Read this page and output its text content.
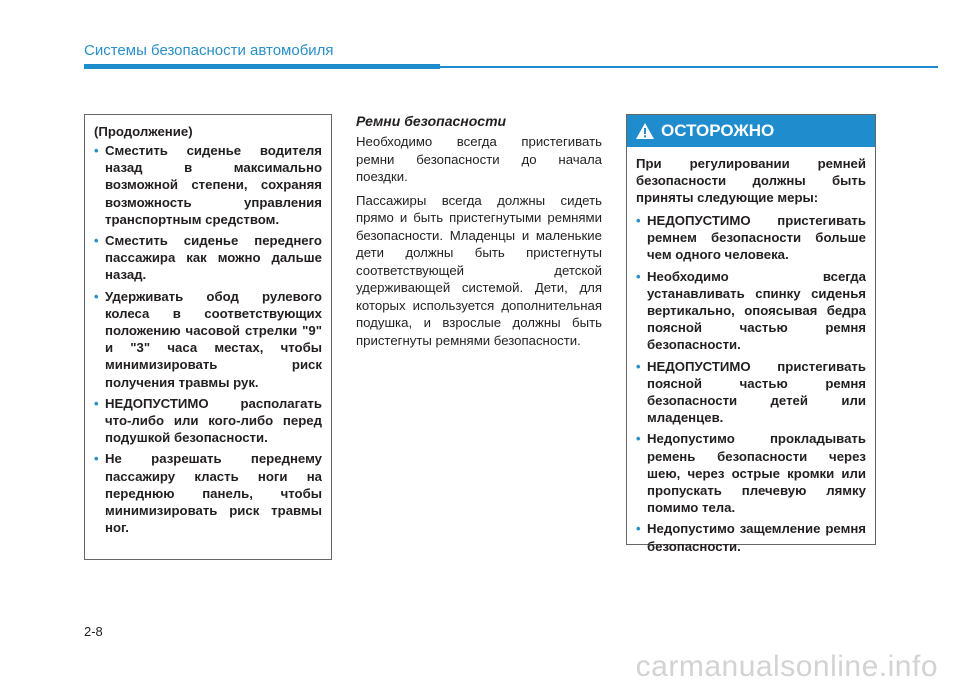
Системы безопасности автомобиля
(Продолжение)
• Сместить сиденье водителя назад в максимально возможной степени, сохраняя возможность управления транспортным средством.
• Сместить сиденье переднего пассажира как можно дальше назад.
• Удерживать обод рулевого колеса в соответствующих положению часовой стрелки "9" и "3" часа местах, чтобы минимизировать риск получения травмы рук.
• НЕДОПУСТИМО располагать что-либо или кого-либо перед подушкой безопасности.
• Не разрешать переднему пассажиру класть ноги на переднюю панель, чтобы минимизировать риск травмы ног.
Ремни безопасности

Необходимо всегда пристегивать ремни безопасности до начала поездки.

Пассажиры всегда должны сидеть прямо и быть пристегнутыми ремнями безопасности. Младенцы и маленькие дети должны быть пристегнуты соответствующей детской удерживающей системой. Дети, для которых используется дополнительная подушка, и взрослые должны быть пристегнуты ремнями безопасности.

ОСТОРОЖНО

При регулировании ремней безопасности должны быть приняты следующие меры:

• НЕДОПУСТИМО пристегивать ремнем безопасности больше чем одного человека.
• Необходимо всегда устанавливать спинку сиденья вертикально, опоясывая бедра поясной частью ремня безопасности.
• НЕДОПУСТИМО пристегивать поясной частью ремня безопасности детей или младенцев.
• Недопустимо прокладывать ремень безопасности через шею, через острые кромки или пропускать плечевую лямку помимо тела.
• Недопустимо защемление ремня безопасности.
2-8
carmanualsonline.info
